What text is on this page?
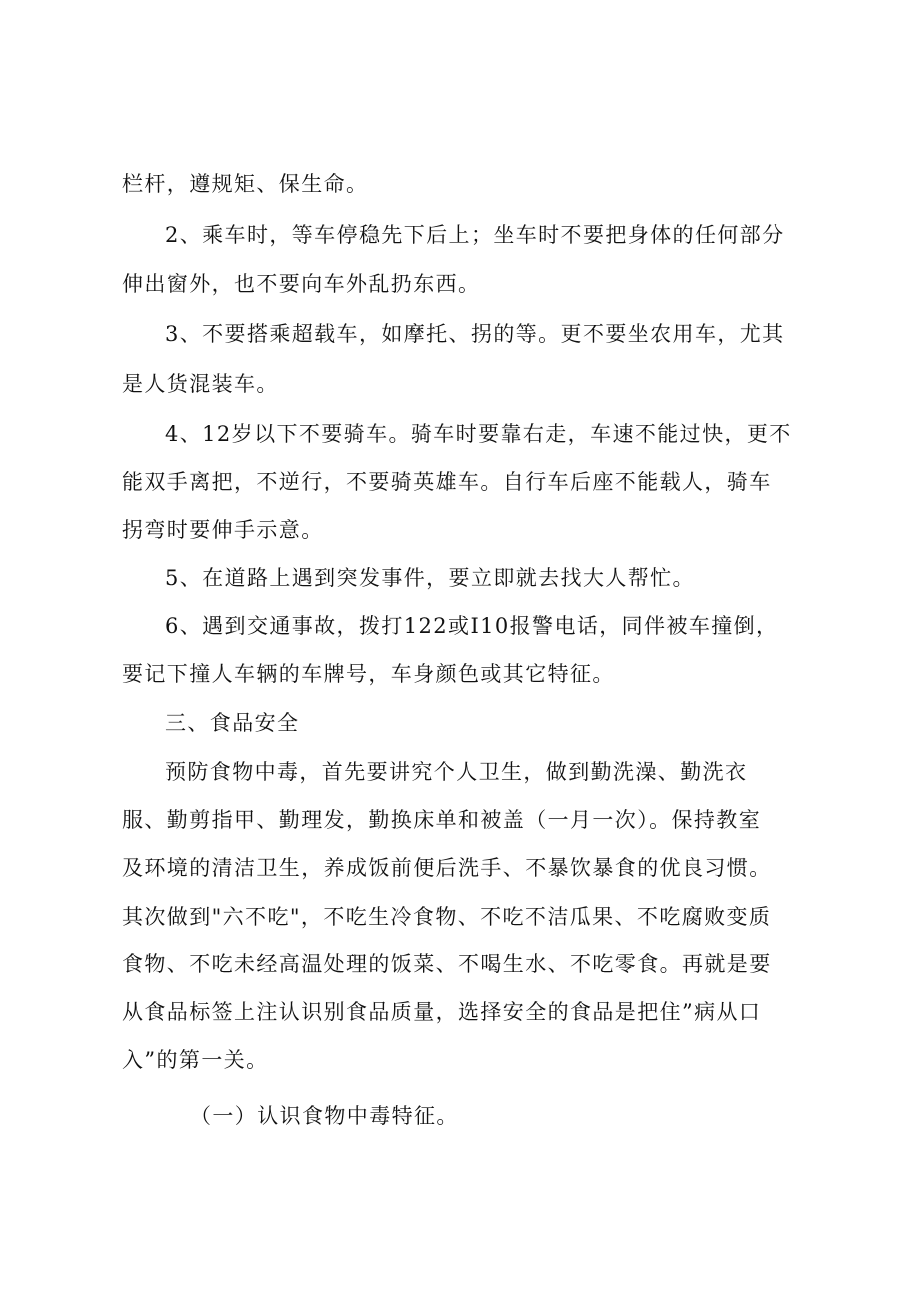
栏杆，遵规矩、保生命。

2、乘车时，等车停稳先下后上；坐车时不要把身体的任何部分

伸出窗外，也不要向车外乱扔东西。

3、不要搭乘超载车，如摩托、拐的等。更不要坐农用车，尤其

是人货混装车。

4、12岁以下不要骑车。骑车时要靠右走，车速不能过快，更不

能双手离把，不逆行，不要骑英雄车。自行车后座不能载人，骑车

拐弯时要伸手示意。

5、在道路上遇到突发事件，要立即就去找大人帮忙。

6、遇到交通事故，拨打122或I10报警电话，同伴被车撞倒，

要记下撞人车辆的车牌号，车身颜色或其它特征。

三、食品安全

预防食物中毒，首先要讲究个人卫生，做到勤洗澡、勤洗衣

服、勤剪指甲、勤理发，勤换床单和被盖（一月一次）。保持教室

及环境的清洁卫生，养成饭前便后洗手、不暴饮暴食的优良习惯。

其次做到"六不吃"，不吃生冷食物、不吃不洁瓜果、不吃腐败变质

食物、不吃未经高温处理的饭菜、不喝生水、不吃零食。再就是要

从食品标签上注认识别食品质量，选择安全的食品是把住”病从口

入”的第一关。

（一）认识食物中毒特征。
